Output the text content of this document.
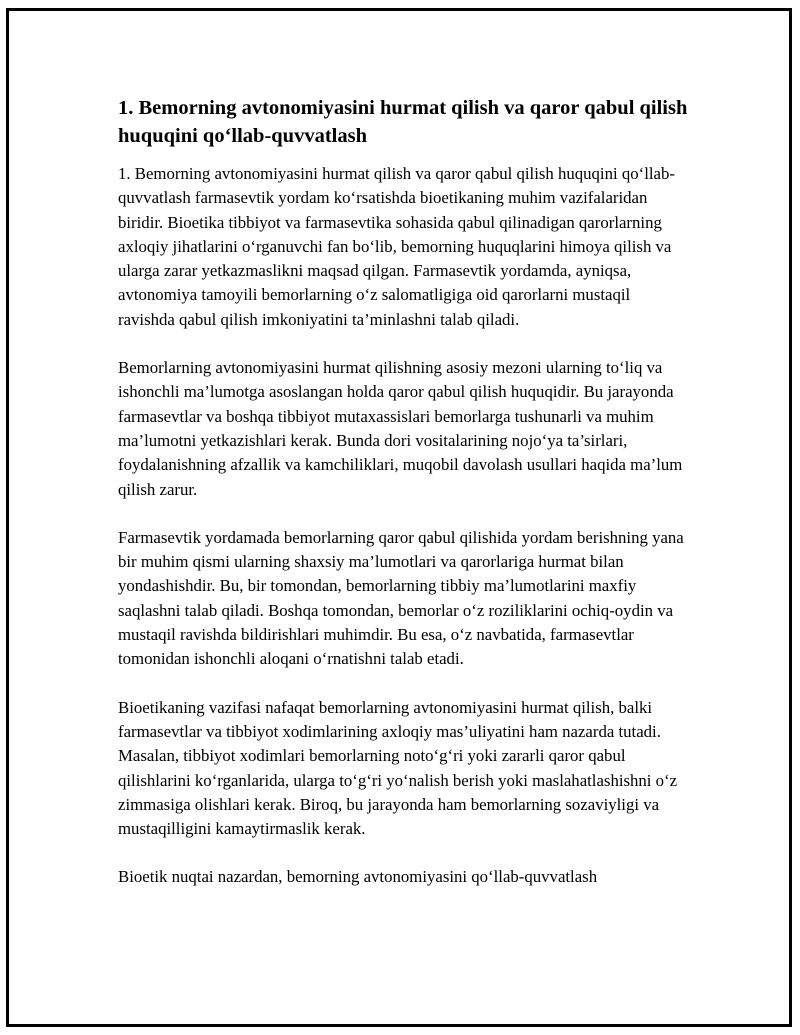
1. Bemorning avtonomiyasini hurmat qilish va qaror qabul qilish huquqini qo‘llab-quvvatlash

1. Bemorning avtonomiyasini hurmat qilish va qaror qabul qilish huquqini qo‘llab-quvvatlash farmasevtik yordam ko‘rsatishda bioetikaning muhim vazifalaridan biridir. Bioetika tibbiyot va farmasevtika sohasida qabul qilinadigan qarorlarning axloqiy jihatlarini o‘rganuvchi fan bo‘lib, bemorning huquqlarini himoya qilish va ularga zarar yetkazmaslikni maqsad qilgan. Farmasevtik yordamda, ayniqsa, avtonomiya tamoyili bemorlarning o‘z salomatligiga oid qarorlarni mustaqil ravishda qabul qilish imkoniyatini ta’minlashni talab qiladi.

Bemorlarning avtonomiyasini hurmat qilishning asosiy mezoni ularning to‘liq va ishonchli ma’lumotga asoslangan holda qaror qabul qilish huquqidir. Bu jarayonda farmasevtlar va boshqa tibbiyot mutaxassislari bemorlarga tushunarli va muhim ma’lumotni yetkazishlari kerak. Bunda dori vositalarining nojo‘ya ta’sirlari, foydalanishning afzallik va kamchiliklari, muqobil davolash usullari haqida ma’lum qilish zarur.

Farmasevtik yordamada bemorlarning qaror qabul qilishida yordam berishning yana bir muhim qismi ularning shaxsiy ma’lumotlari va qarorlariga hurmat bilan yondashishdir. Bu, bir tomondan, bemorlarning tibbiy ma’lumotlarini maxfiy saqlashni talab qiladi. Boshqa tomondan, bemorlar o‘z roziliklarini ochiq-oydin va mustaqil ravishda bildirishlari muhimdir. Bu esa, o‘z navbatida, farmasevtlar tomonidan ishonchli aloqani o‘rnatishni talab etadi.

Bioetikaning vazifasi nafaqat bemorlarning avtonomiyasini hurmat qilish, balki farmasevtlar va tibbiyot xodimlarining axloqiy mas’uliyatini ham nazarda tutadi. Masalan, tibbiyot xodimlari bemorlarning noto‘g‘ri yoki zararli qaror qabul qilishlarini ko‘rganlarida, ularga to‘g‘ri yo‘nalish berish yoki maslahatlashishni o‘z zimmasiga olishlari kerak. Biroq, bu jarayonda ham bemorlarning sozaviyligi va mustaqilligini kamaytirmaslik kerak.

Bioetik nuqtai nazardan, bemorning avtonomiyasini qo‘llab-quvvatlash
